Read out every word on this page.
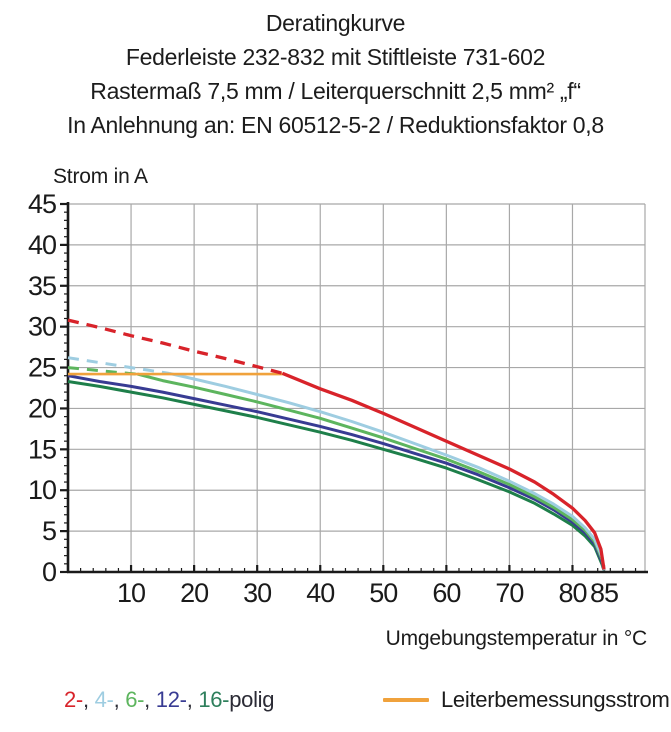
Deratingkurve
Federleiste 232-832 mit Stiftleiste 731-602
Rastermaß 7,5 mm / Leiterquerschnitt 2,5 mm² „f“
In Anlehnung an: EN 60512-5-2 / Reduktionsfaktor 0,8
Strom in A
0
5
10
15
20
25
30
35
40
45
10 20 30 40 50 60 70 80 85
Umgebungstemperatur in °C
2-, 4-, 6-, 12-, 16-polig	Leiterbemessungsstrom
